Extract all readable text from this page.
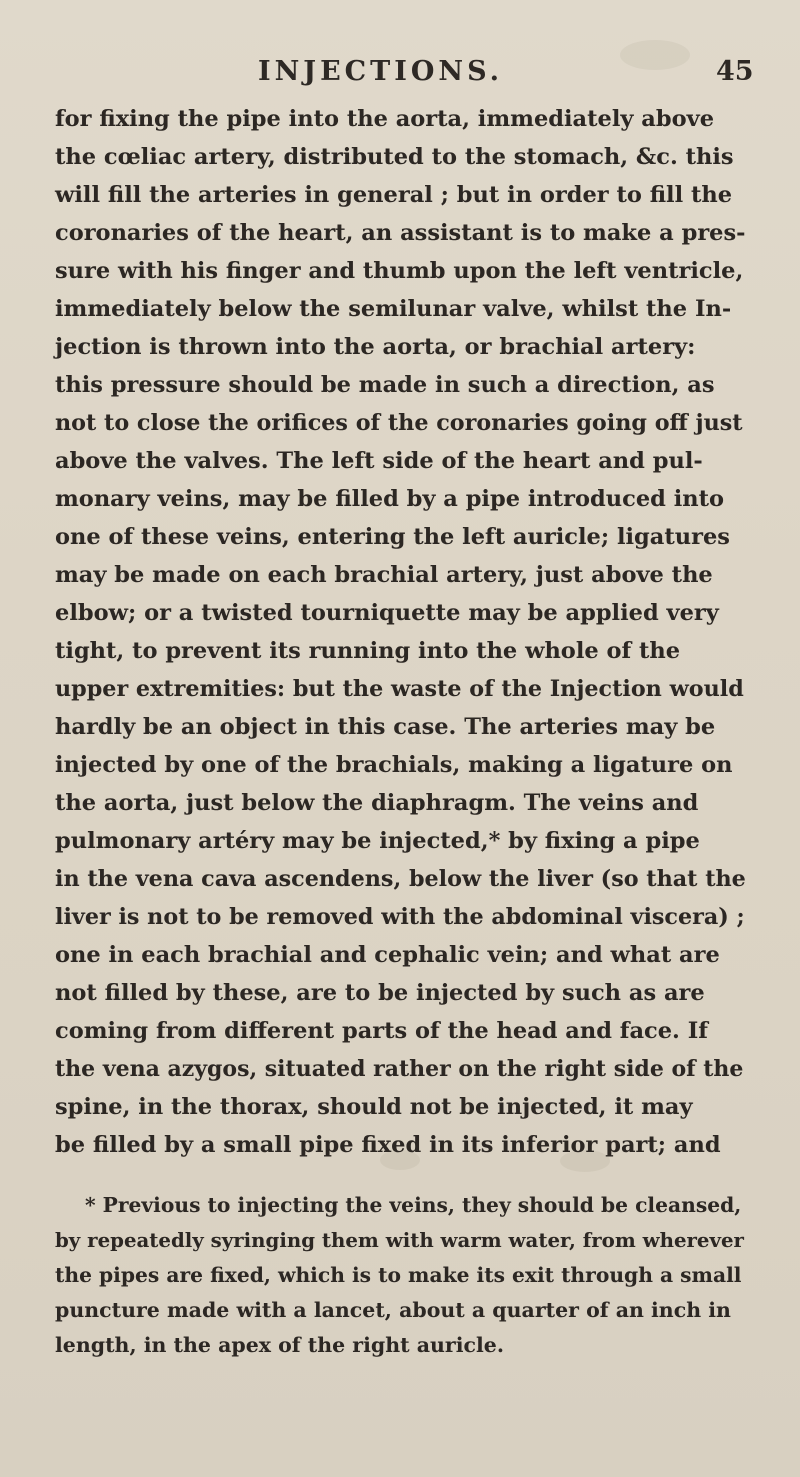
INJECTIONS.	45
for fixing the pipe into the aorta, immediately above
the cœliac artery, distributed to the stomach, &c. this
will fill the arteries in general ; but in order to fill the
coronaries of the heart, an assistant is to make a pres-
sure with his finger and thumb upon the left ventricle,
immediately below the semilunar valve, whilst the In-
jection is thrown into the aorta, or brachial artery:
this pressure should be made in such a direction, as
not to close the orifices of the coronaries going off just
above the valves. The left side of the heart and pul-
monary veins, may be filled by a pipe introduced into
one of these veins, entering the left auricle; ligatures
may be made on each brachial artery, just above the
elbow; or a twisted tourniquette may be applied very
tight, to prevent its running into the whole of the
upper extremities: but the waste of the Injection would
hardly be an object in this case. The arteries may be
injected by one of the brachials, making a ligature on
the aorta, just below the diaphragm. The veins and
pulmonary artéry may be injected,* by fixing a pipe
in the vena cava ascendens, below the liver (so that the
liver is not to be removed with the abdominal viscera) ;
one in each brachial and cephalic vein; and what are
not filled by these, are to be injected by such as are
coming from different parts of the head and face. If
the vena azygos, situated rather on the right side of the
spine, in the thorax, should not be injected, it may
be filled by a small pipe fixed in its inferior part; and
* Previous to injecting the veins, they should be cleansed,
by repeatedly syringing them with warm water, from wherever
the pipes are fixed, which is to make its exit through a small
puncture made with a lancet, about a quarter of an inch in
length, in the apex of the right auricle.
